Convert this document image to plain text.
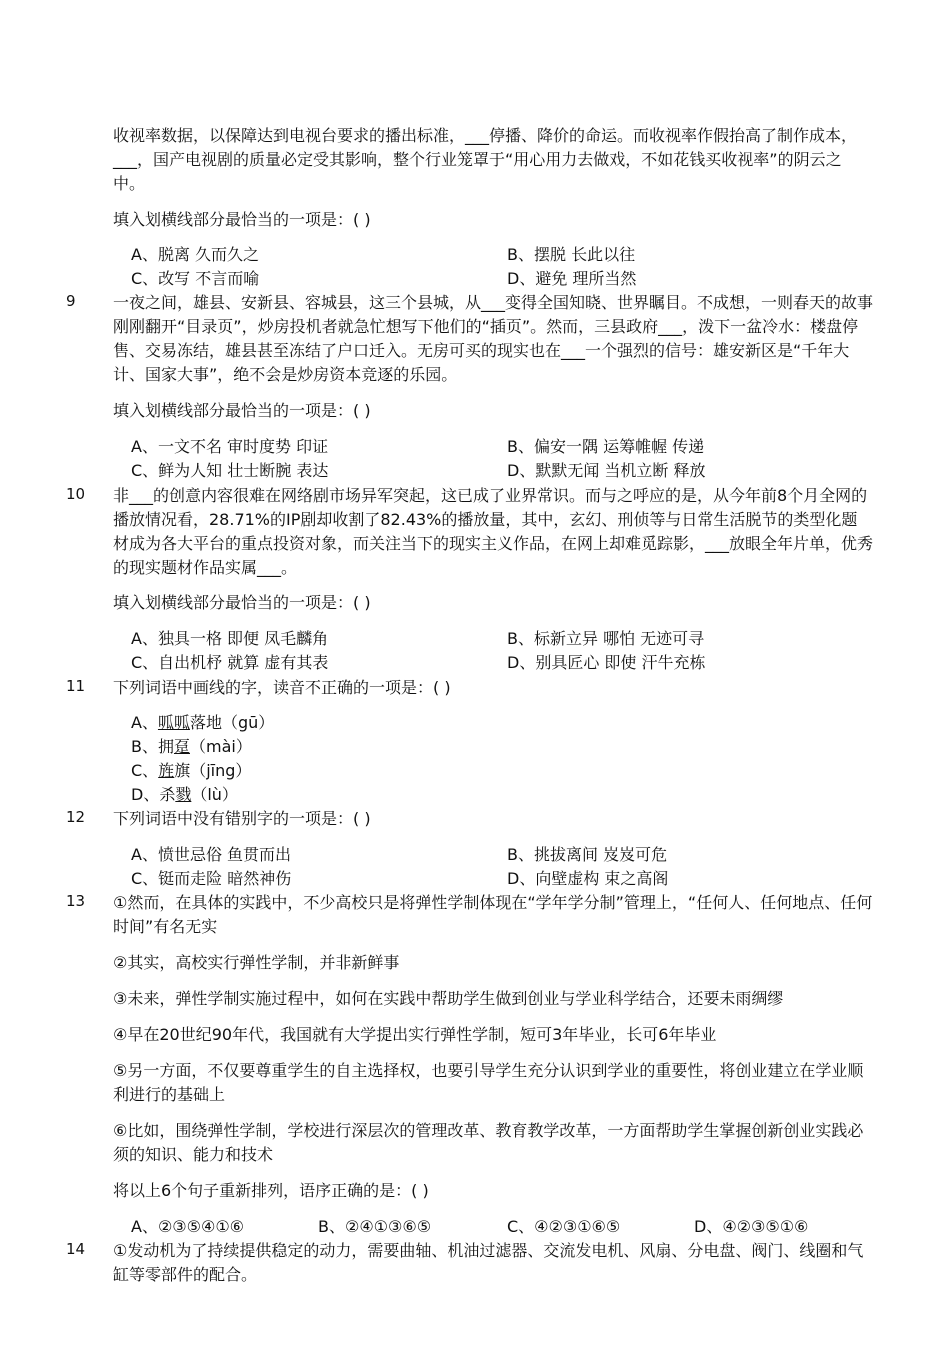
收视率数据，以保障达到电视台要求的播出标准，___停播、降价的命运。而收视率作假抬高了制作成本，___，国产电视剧的质量必定受其影响，整个行业笼罩于“用心用力去做戏，不如花钱买收视率”的阴云之中。
填入划横线部分最恰当的一项是：( )
A、脱离 久而久之	B、摆脱 长此以往
C、改写 不言而喻	D、避免 理所当然
9 一夜之间，雄县、安新县、容城县，这三个县城，从___变得全国知晓、世界瞩目。不成想，一则春天的故事刚刚翻开“目录页”，炒房投机者就急忙想写下他们的“插页”。然而，三县政府___，泼下一盆冷水：楼盘停售、交易冻结，雄县甚至冻结了户口迁入。无房可买的现实也在___一个强烈的信号：雄安新区是“千年大计、国家大事”，绝不会是炒房资本竞逐的乐园。
填入划横线部分最恰当的一项是：( )
A、一文不名 审时度势 印证	B、偏安一隅 运筹帷幄 传递
C、鲜为人知 壮士断腕 表达	D、默默无闻 当机立断 释放
10 非___的创意内容很难在网络剧市场异军突起，这已成了业界常识。而与之呼应的是，从今年前8个月全网的播放情况看，28.71%的IP剧却收割了82.43%的播放量，其中，玄幻、刑侦等与日常生活脱节的类型化题材成为各大平台的重点投资对象，而关注当下的现实主义作品，在网上却难觅踪影，___放眼全年片单，优秀的现实题材作品实属___。
填入划横线部分最恰当的一项是：( )
A、独具一格 即便 凤毛麟角	B、标新立异 哪怕 无迹可寻
C、自出机杼 就算 虚有其表	D、别具匠心 即使 汗牛充栋
11 下列词语中画线的字，读音不正确的一项是：( )
A、呱呱落地（gū）
B、拥趸（mài）
C、旌旗（jīng）
D、杀戮（lù）
12 下列词语中没有错别字的一项是：( )
A、愤世忌俗 鱼贯而出	B、挑拔离间 岌岌可危
C、铤而走险 暗然神伤	D、向壁虚构 束之高阁
13 ①然而，在具体的实践中，不少高校只是将弹性学制体现在“学年学分制”管理上，“任何人、任何地点、任何时间”有名无实
②其实，高校实行弹性学制，并非新鲜事
③未来，弹性学制实施过程中，如何在实践中帮助学生做到创业与学业科学结合，还要未雨绸缪
④早在20世纪90年代，我国就有大学提出实行弹性学制，短可3年毕业，长可6年毕业
⑤另一方面，不仅要尊重学生的自主选择权，也要引导学生充分认识到学业的重要性，将创业建立在学业顺利进行的基础上
⑥比如，围绕弹性学制，学校进行深层次的管理改革、教育教学改革，一方面帮助学生掌握创新创业实践必须的知识、能力和技术
将以上6个句子重新排列，语序正确的是：( )
A、②③⑤④①⑥	B、②④①③⑥⑤	C、④②③①⑥⑤	D、④②③⑤①⑥
14 ①发动机为了持续提供稳定的动力，需要曲轴、机油过滤器、交流发电机、风扇、分电盘、阀门、线圈和气缸等零部件的配合。
